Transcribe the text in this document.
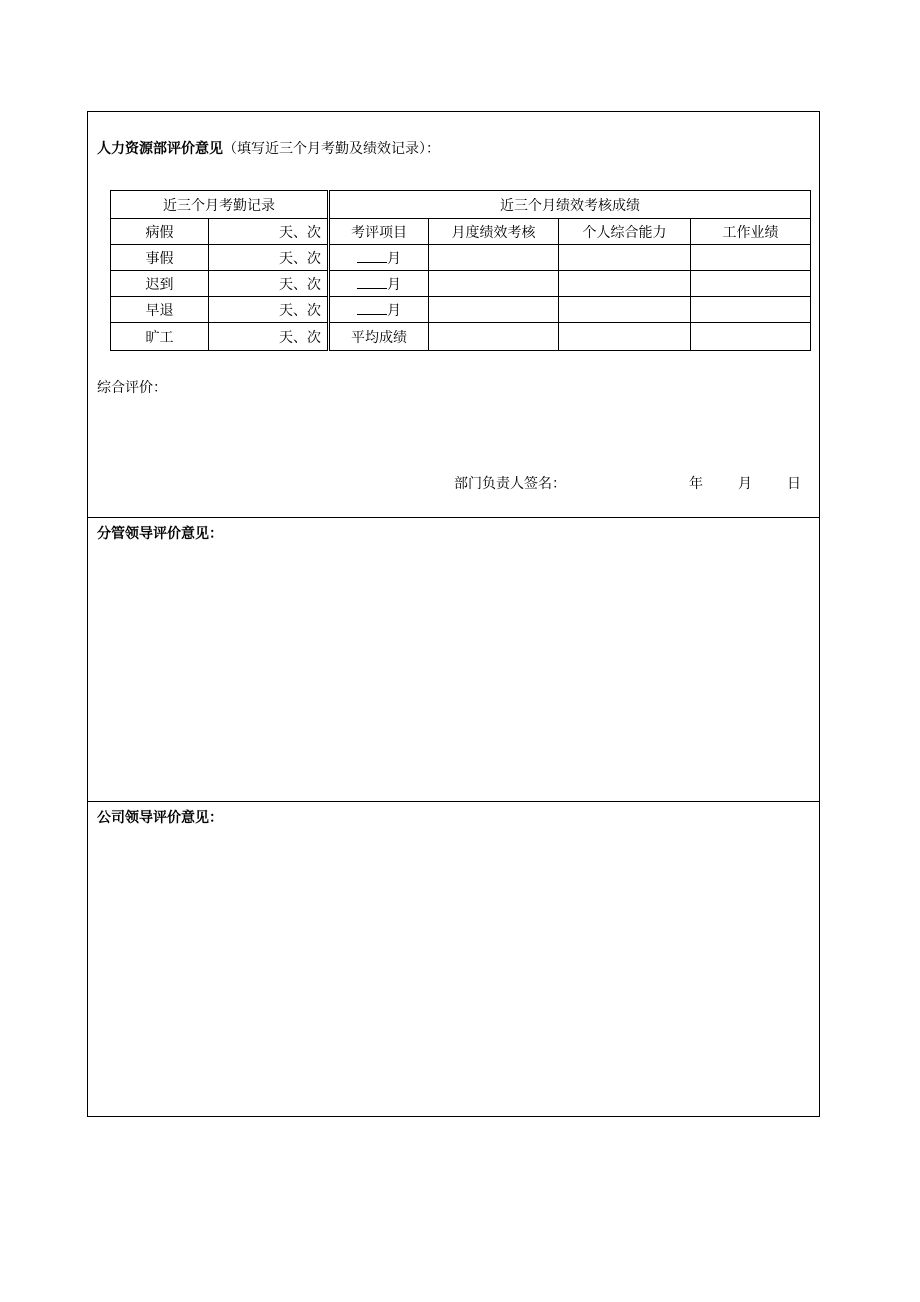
人力资源部评价意见（填写近三个月考勤及绩效记录）：
近三个月考勤记录		近三个月绩效考核成绩			
病假	天、次	考评项目	月度绩效考核	个人综合能力	工作业绩
事假	天、次	月			
迟到	天、次	月			
早退	天、次	月			
旷工	天、次	平均成绩			
综合评价：
部门负责人签名：	年	月	日
分管领导评价意见：
公司领导评价意见：
